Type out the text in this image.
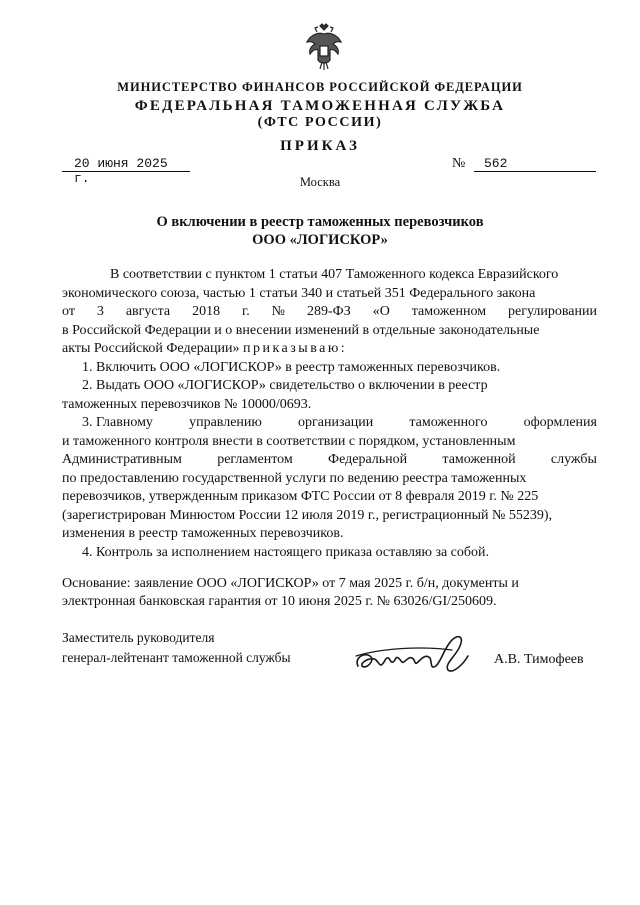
МИНИСТЕРСТВО ФИНАНСОВ РОССИЙСКОЙ ФЕДЕРАЦИИ
ФЕДЕРАЛЬНАЯ ТАМОЖЕННАЯ СЛУЖБА
(ФТС РОССИИ)
ПРИКАЗ
20 июня 2025 г.
№	562
Москва
О включении в реестр таможенных перевозчиков
ООО «ЛОГИСКОР»
В соответствии с пунктом 1 статьи 407 Таможенного кодекса Евразийского
экономического союза, частью 1 статьи 340 и статьей 351 Федерального закона
от 3 августа 2018 г. № 289-ФЗ «О таможенном регулировании
в Российской Федерации и о внесении изменений в отдельные законодательные
акты Российской Федерации» приказываю:
1. Включить ООО «ЛОГИСКОР» в реестр таможенных перевозчиков.
2. Выдать ООО «ЛОГИСКОР» свидетельство о включении в реестр
таможенных перевозчиков № 10000/0693.
3. Главному	управлению	организации	таможенного	оформления
и таможенного контроля внести в соответствии с порядком, установленным
Административным	регламентом	Федеральной	таможенной	службы
по предоставлению государственной услуги по ведению реестра таможенных
перевозчиков, утвержденным приказом ФТС России от 8 февраля 2019 г. № 225
(зарегистрирован Минюстом России 12 июля 2019 г., регистрационный № 55239),
изменения в реестр таможенных перевозчиков.
4. Контроль за исполнением настоящего приказа оставляю за собой.
Основание: заявление ООО «ЛОГИСКОР» от 7 мая 2025 г. б/н, документы и
электронная банковская гарантия от 10 июня 2025 г. № 63026/GI/250609.
Заместитель руководителя
генерал-лейтенант таможенной службы	А.В. Тимофеев
